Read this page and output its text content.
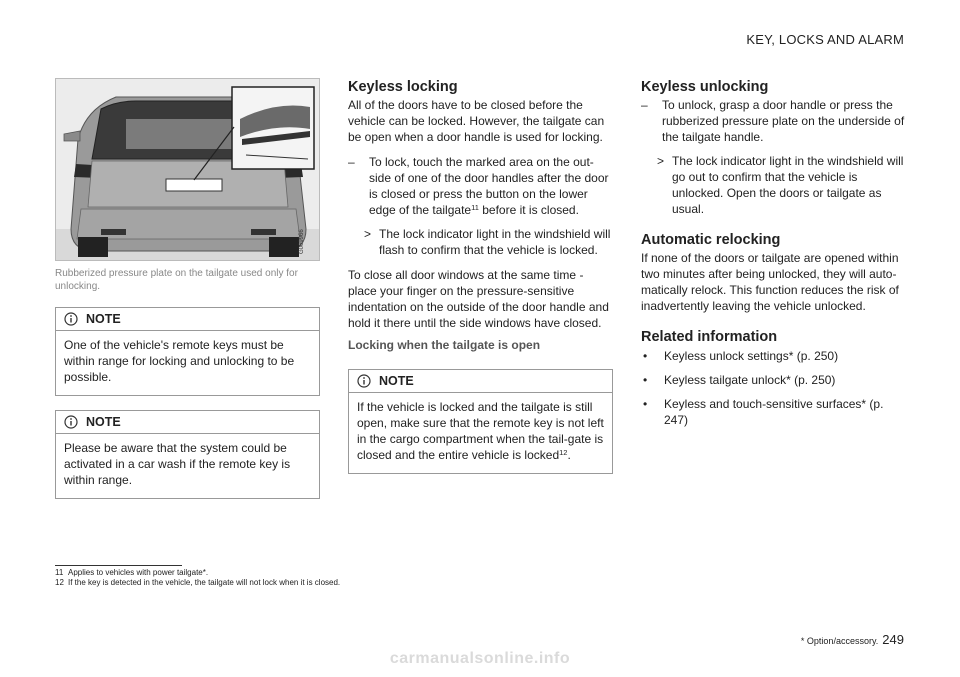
KEY, LOCKS AND ALARM
G069966
Rubberized pressure plate on the tailgate used only for unlocking.
NOTE
One of the vehicle's remote keys must be within range for locking and unlocking to be possible.
NOTE
Please be aware that the system could be activated in a car wash if the remote key is within range.
Keyless locking

All of the doors have to be closed before the vehicle can be locked. However, the tailgate can be open when a door handle is used for locking.

–	To lock, touch the marked area on the out-side of one of the door handles after the door is closed or press the button on the lower edge of the tailgate$^{11}$ before it is closed.
> The lock indicator light in the windshield will flash to confirm that the vehicle is locked.

To close all door windows at the same time - place your finger on the pressure-sensitive indentation on the outside of the door handle and hold it there until the side windows have closed.

Locking when the tailgate is open
NOTE
If the vehicle is locked and the tailgate is still open, make sure that the remote key is not left in the cargo compartment when the tail-gate is closed and the entire vehicle is locked$^{12}$.
Keyless unlocking
–	To unlock, grasp a door handle or press the rubberized pressure plate on the underside of the tailgate handle.
> The lock indicator light in the windshield will go out to confirm that the vehicle is unlocked. Open the doors or tailgate as usual.
Automatic relocking

If none of the doors or tailgate are opened within two minutes after being unlocked, they will auto-matically relock. This function reduces the risk of inadvertently leaving the vehicle unlocked.

Related information
•	Keyless unlock settings* (p. 250)
•	Keyless tailgate unlock* (p. 250)
•	Keyless and touch-sensitive surfaces* (p. 247)
11 Applies to vehicles with power tailgate*.
12 If the key is detected in the vehicle, the tailgate will not lock when it is closed.
* Option/accessory. 249
carmanualsonline.info
